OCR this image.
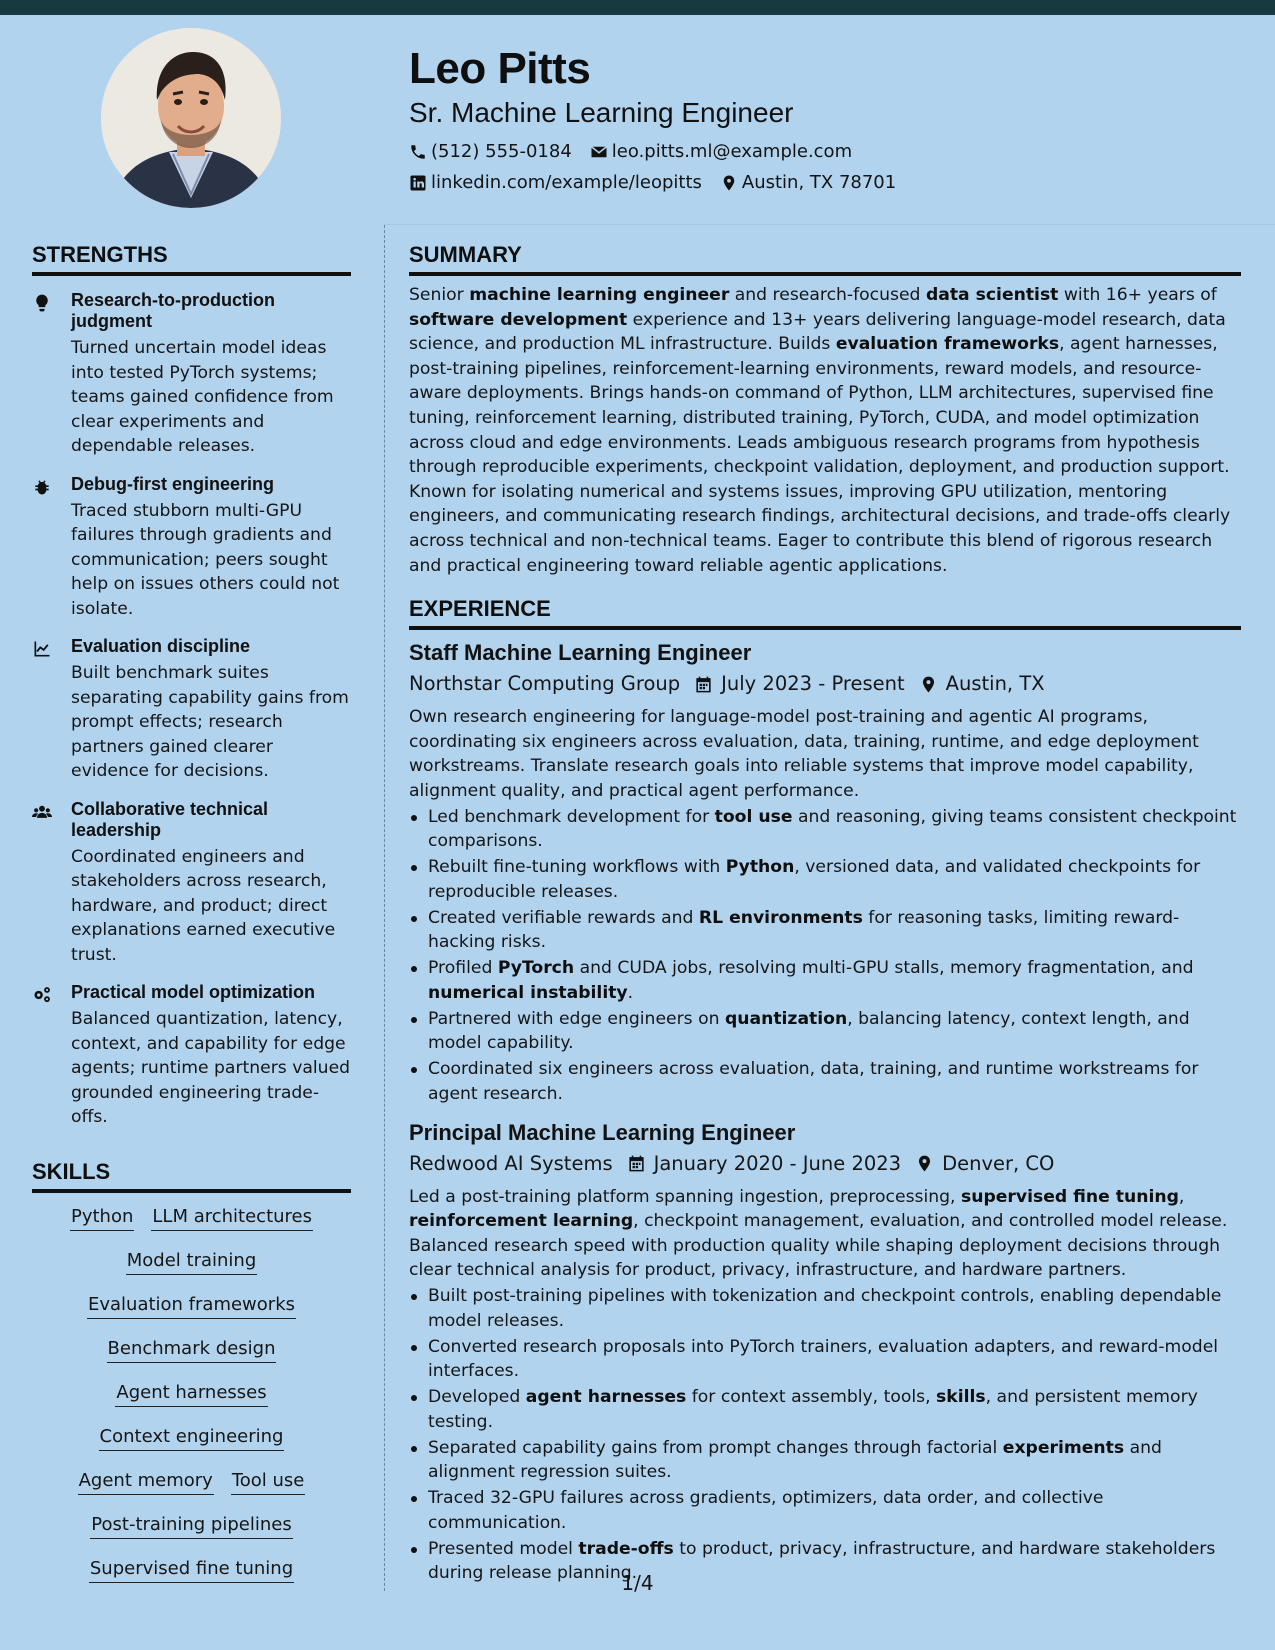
Leo Pitts
Sr. Machine Learning Engineer
(512) 555-0184 leo.pitts.ml@example.com
linkedin.com/example/leopitts Austin, TX 78701
STRENGTHS
Research-to-production judgment
Turned uncertain model ideas into tested PyTorch systems; teams gained confidence from clear experiments and dependable releases.
Debug-first engineering
Traced stubborn multi-GPU failures through gradients and communication; peers sought help on issues others could not isolate.
Evaluation discipline
Built benchmark suites separating capability gains from prompt effects; research partners gained clearer evidence for decisions.
Collaborative technical leadership
Coordinated engineers and stakeholders across research, hardware, and product; direct explanations earned executive trust.
Practical model optimization
Balanced quantization, latency, context, and capability for edge agents; runtime partners valued grounded engineering trade-offs.
SKILLS
Python LLM architectures
Model training
Evaluation frameworks
Benchmark design
Agent harnesses
Context engineering
Agent memory Tool use
Post-training pipelines
Supervised fine tuning
SUMMARY
Senior machine learning engineer and research-focused data scientist with 16+ years of software development experience and 13+ years delivering language-model research, data science, and production ML infrastructure. Builds evaluation frameworks, agent harnesses, post-training pipelines, reinforcement-learning environments, reward models, and resource-aware deployments. Brings hands-on command of Python, LLM architectures, supervised fine tuning, reinforcement learning, distributed training, PyTorch, CUDA, and model optimization across cloud and edge environments. Leads ambiguous research programs from hypothesis through reproducible experiments, checkpoint validation, deployment, and production support. Known for isolating numerical and systems issues, improving GPU utilization, mentoring engineers, and communicating research findings, architectural decisions, and trade-offs clearly across technical and non-technical teams. Eager to contribute this blend of rigorous research and practical engineering toward reliable agentic applications.
EXPERIENCE
Staff Machine Learning Engineer
Northstar Computing Group July 2023 - Present Austin, TX
Own research engineering for language-model post-training and agentic AI programs, coordinating six engineers across evaluation, data, training, runtime, and edge deployment workstreams. Translate research goals into reliable systems that improve model capability, alignment quality, and practical agent performance.
Led benchmark development for tool use and reasoning, giving teams consistent checkpoint comparisons.
Rebuilt fine-tuning workflows with Python, versioned data, and validated checkpoints for reproducible releases.
Created verifiable rewards and RL environments for reasoning tasks, limiting reward-hacking risks.
Profiled PyTorch and CUDA jobs, resolving multi-GPU stalls, memory fragmentation, and numerical instability.
Partnered with edge engineers on quantization, balancing latency, context length, and model capability.
Coordinated six engineers across evaluation, data, training, and runtime workstreams for agent research.
Principal Machine Learning Engineer
Redwood AI Systems January 2020 - June 2023 Denver, CO
Led a post-training platform spanning ingestion, preprocessing, supervised fine tuning, reinforcement learning, checkpoint management, evaluation, and controlled model release. Balanced research speed with production quality while shaping deployment decisions through clear technical analysis for product, privacy, infrastructure, and hardware partners.
Built post-training pipelines with tokenization and checkpoint controls, enabling dependable model releases.
Converted research proposals into PyTorch trainers, evaluation adapters, and reward-model interfaces.
Developed agent harnesses for context assembly, tools, skills, and persistent memory testing.
Separated capability gains from prompt changes through factorial experiments and alignment regression suites.
Traced 32-GPU failures across gradients, optimizers, data order, and collective communication.
Presented model trade-offs to product, privacy, infrastructure, and hardware stakeholders during release planning.
1/4
